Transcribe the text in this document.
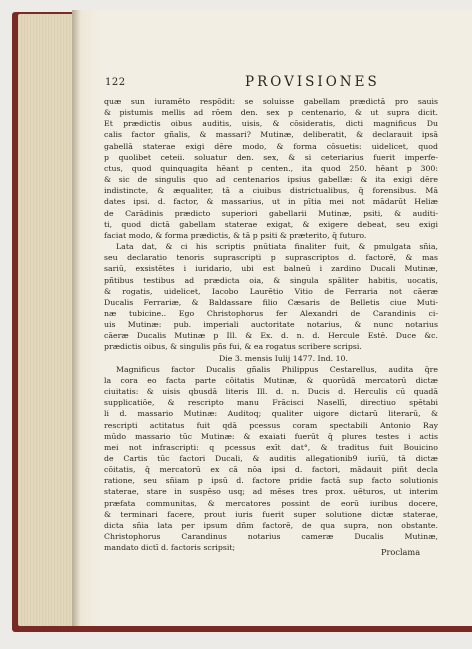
122	PROVISIONES
quæ sun iuramēto respōdit: se soluisse gabellam prædictā pro sauis
& pistumis mellis ad rōem den. sex p centenario, & ut supra dicit.
Et prædictis oibus auditis, uisis, & cōsideratis, dicti magnificus Du
calis factor gñalis, & massari? Mutinæ, deliberatit, & declarauit ipsā
gabellā staterae exigi dēre modo, & forma cōsuetis: uidelicet, quod
p quolibet ceteii. soluatur den. sex, & si ceteriarius fuerit imperfe-
ctus, quod quinquagita hēant p centen., ita quod 250. hēant p 300:
& sic de singulis quo ad centenarios ipsius gabellæ: & ita exigi dēre
indistincte, & æqualiter, tā a ciuibus districtualibus, q̄ forensibus. Mā
dates ipsi. d. factor, & massarius, ut in pītia mei not mādarūt Heliæ
de Carādinis prædicto superiori gabellarii Mutinæ, psiti, & auditi-
ti, quod dictā gabellam staterae exigat, & exigere debeat, seu exigi
faciat modo, & forma prædictis, & tā p psiti & præterito, q̄ futuro.
Lata dat, & ci his scriptis pnūtiata finaliter fuit, & pmulgata sñia,
seu declaratio tenoris suprascripti p suprascriptos d. factorē, & mas
sariū, exsistētes i iuridario, ubi est balneū i zardino Ducali Mutinæ,
pñtibus testibus ad prædicta oia, & singula spāliter habitis, uocatis,
& rogatis, uidelicet, Iacobo Laurētio Vitio de Ferraria not cāeræ
Ducalis Ferrariæ, & Baldassare filio Cæsaris de Belletis ciue Muti-
næ tubicine.. Ego Christophorus fer Alexandri de Carandinis ci-
uis Mutinæ: pub. imperiali auctoritate notarius, & nunc notarius
cāeræ Ducalis Mutinæ p Ill. & Ex. d. n. d. Hercule Estē. Duce &c.
prædictis oibus, & singulis pñs fui, & ea rogatus scribere scripsi.
Die 3. mensis Iulij 1477. Ind. 10.
Magnificus factor Ducalis gñalis Philippus Cestarellus, audita q̄re
la cora eo facta parte cōitatis Mutinæ, & quorūdā mercatorū dictæ
ciuitatis: & uisis qbusdā literis Ill. d. n. Ducis d. Herculis cū quadā
supplicatiōe, & rescripto manu Frācisci Nasellī, directiuo spētabi
li d. massario Mutinæ: Auditoq; qualiter uigore dictarū literarū, &
rescripti actitatus fuit qdā pcessus coram spectabili Antonio Ray
mūdo massario tūc Mutinæ: & exaiati fuerūt q̄ plures testes i actis
mei not infrascripti: q pcessus exīt dat°, & traditus fuit Bouicino
de Cartis tūc factori Ducali, & auditis allegationib9 iurīū, tā dictæ
cōitatis, q̄ mercatorū ex cā nōa ipsi d. factori, mādauit piñt decla
ratione, seu sñiam p ipsū d. factore pridie factā sup facto solutionis
staterae, stare in suspēso usq; ad mēses tres prox. uēturos, ut interim
præfata communitas, & mercatores possint de eorū iuribus docere,
& terminari facere, prout iuris fuerit super solutione dictæ staterae,
dicta sñia lata per ipsum dñm factorē, de qua supra, non obstante.
Christophorus Carandinus notarius cameræ Ducalis Mutinæ,
mandato dictī d. factoris scripsit;	Proclama
